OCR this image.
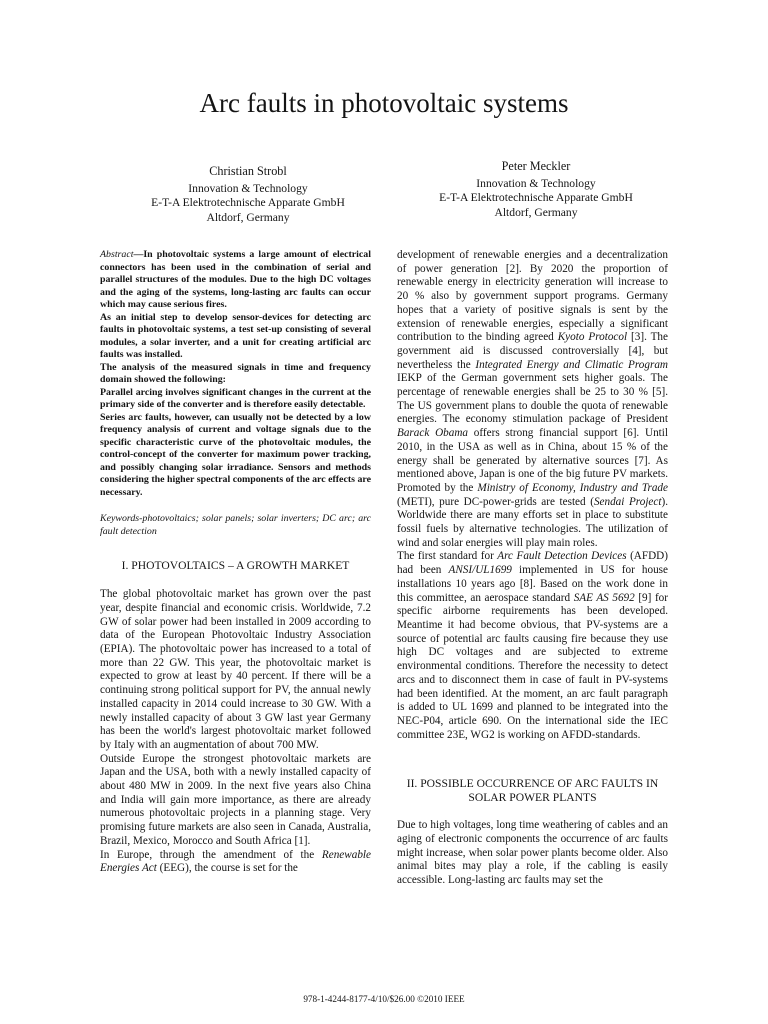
Arc faults in photovoltaic systems
Christian Strobl
Innovation & Technology
E-T-A Elektrotechnische Apparate GmbH
Altdorf, Germany
Peter Meckler
Innovation & Technology
E-T-A Elektrotechnische Apparate GmbH
Altdorf, Germany

Abstract—In photovoltaic systems a large amount of electrical connectors has been used in the combination of serial and parallel structures of the modules. Due to the high DC voltages and the aging of the systems, long-lasting arc faults can occur which may cause serious fires.

As an initial step to develop sensor-devices for detecting arc faults in photovoltaic systems, a test set-up consisting of several modules, a solar inverter, and a unit for creating artificial arc faults was installed.

The analysis of the measured signals in time and frequency domain showed the following:

Parallel arcing involves significant changes in the current at the primary side of the converter and is therefore easily detectable.

Series arc faults, however, can usually not be detected by a low frequency analysis of current and voltage signals due to the specific characteristic curve of the photovoltaic modules, the control-concept of the converter for maximum power tracking, and possibly changing solar irradiance. Sensors and methods considering the higher spectral components of the arc effects are necessary.

Keywords-photovoltaics; solar panels; solar inverters; DC arc; arc fault detection
I. PHOTOVOLTAICS – A GROWTH MARKET

The global photovoltaic market has grown over the past year, despite financial and economic crisis. Worldwide, 7.2 GW of solar power had been installed in 2009 according to data of the European Photovoltaic Industry Association (EPIA). The photovoltaic power has increased to a total of more than 22 GW. This year, the photovoltaic market is expected to grow at least by 40 percent. If there will be a continuing strong political support for PV, the annual newly installed capacity in 2014 could increase to 30 GW. With a newly installed capacity of about 3 GW last year Germany has been the world's largest photovoltaic market followed by Italy with an augmentation of about 700 MW.

Outside Europe the strongest photovoltaic markets are Japan and the USA, both with a newly installed capacity of about 480 MW in 2009. In the next five years also China and India will gain more importance, as there are already numerous photovoltaic projects in a planning stage. Very promising future markets are also seen in Canada, Australia, Brazil, Mexico, Morocco and South Africa [1].

In Europe, through the amendment of the Renewable Energies Act (EEG), the course is set for the

development of renewable energies and a decentralization of power generation [2]. By 2020 the proportion of renewable energy in electricity generation will increase to 20 % also by government support programs. Germany hopes that a variety of positive signals is sent by the extension of renewable energies, especially a significant contribution to the binding agreed Kyoto Protocol [3]. The government aid is discussed controversially [4], but nevertheless the Integrated Energy and Climatic Program IEKP of the German government sets higher goals. The percentage of renewable energies shall be 25 to 30 % [5]. The US government plans to double the quota of renewable energies. The economy stimulation package of President Barack Obama offers strong financial support [6]. Until 2010, in the USA as well as in China, about 15 % of the energy shall be generated by alternative sources [7]. As mentioned above, Japan is one of the big future PV markets. Promoted by the Ministry of Economy, Industry and Trade (METI), pure DC-power-grids are tested (Sendai Project). Worldwide there are many efforts set in place to substitute fossil fuels by alternative technologies. The utilization of wind and solar energies will play main roles.

The first standard for Arc Fault Detection Devices (AFDD) had been ANSI/UL1699 implemented in US for house installations 10 years ago [8]. Based on the work done in this committee, an aerospace standard SAE AS 5692 [9] for specific airborne requirements has been developed. Meantime it had become obvious, that PV-systems are a source of potential arc faults causing fire because they use high DC voltages and are subjected to extreme environmental conditions. Therefore the necessity to detect arcs and to disconnect them in case of fault in PV-systems had been identified. At the moment, an arc fault paragraph is added to UL 1699 and planned to be integrated into the NEC-P04, article 690. On the international side the IEC committee 23E, WG2 is working on AFDD-standards.

II. POSSIBLE OCCURRENCE OF ARC FAULTS IN
SOLAR POWER PLANTS

Due to high voltages, long time weathering of cables and an aging of electronic components the occurrence of arc faults might increase, when solar power plants become older. Also animal bites may play a role, if the cabling is easily accessible. Long-lasting arc faults may set the

978-1-4244-8177-4/10/$26.00 ©2010 IEEE
